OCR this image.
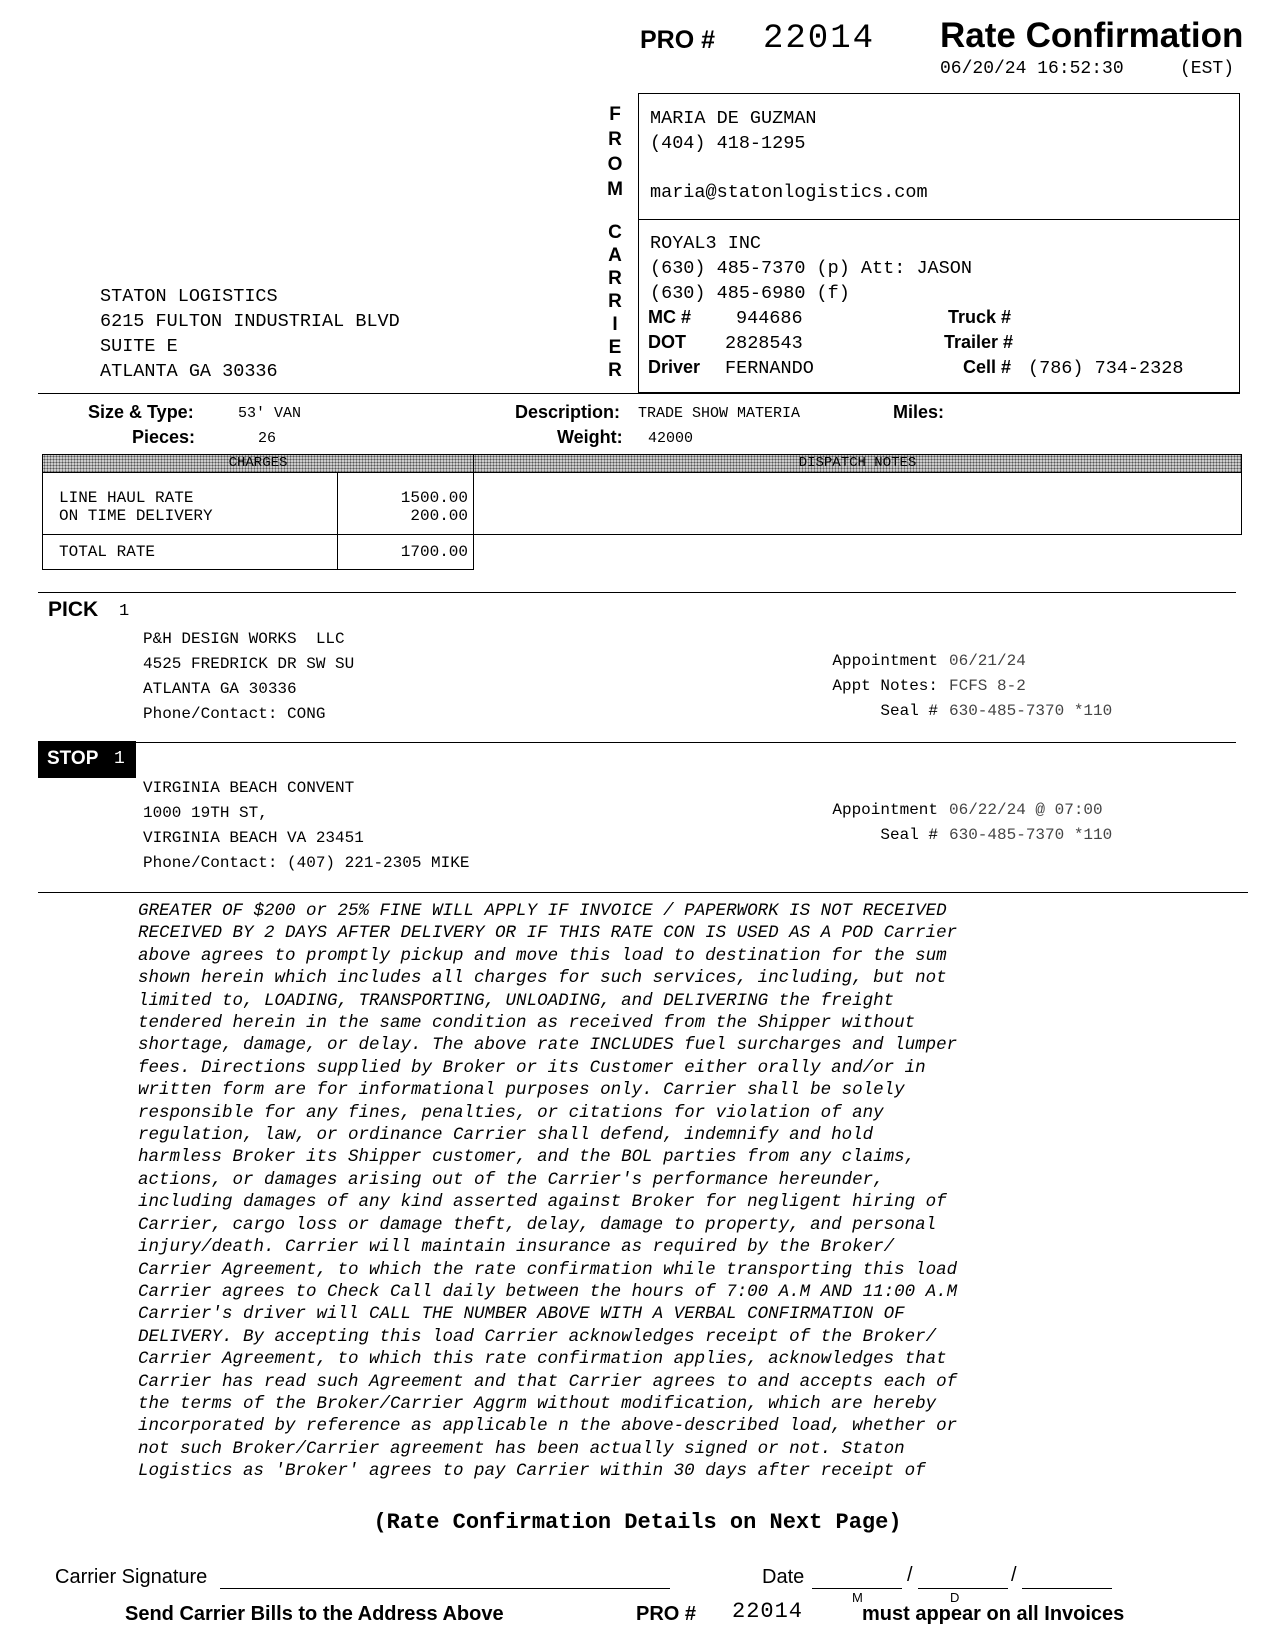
PRO # 22014 Rate Confirmation
06/20/24 16:52:30	(EST)
STATON LOGISTICS
6215 FULTON INDUSTRIAL BLVD
SUITE E
ATLANTA GA 30336
F
R
O
M
C
A
R
R
I
E
R
MARIA DE GUZMAN
(404) 418-1295
maria@statonlogistics.com
ROYAL3 INC
(630) 485-7370 (p) Att: JASON
(630) 485-6980 (f)
MC # 944686	Truck #
DOT 2828543	Trailer #
Driver FERNANDO	Cell # (786) 734-2328
Size & Type:	53' VAN
Pieces:	26
Description: TRADE SHOW MATERIA
Weight: 42000
Miles:
CHARGES
LINE HAUL RATE	1500.00
ON TIME DELIVERY	200.00
TOTAL RATE	1700.00
DISPATCH NOTES
PICK 1
P&H DESIGN WORKS  LLC
4525 FREDRICK DR SW SU
ATLANTA GA 30336
Phone/Contact: CONG
Appointment 06/21/24
Appt Notes: FCFS 8-2
Seal # 630-485-7370 *110
STOP 1
VIRGINIA BEACH CONVENT
1000 19TH ST,
VIRGINIA BEACH VA 23451
Phone/Contact: (407) 221-2305 MIKE
Appointment 06/22/24 @ 07:00
Seal # 630-485-7370 *110
GREATER OF $200 or 25% FINE WILL APPLY IF INVOICE / PAPERWORK IS NOT RECEIVED
RECEIVED BY 2 DAYS AFTER DELIVERY OR IF THIS RATE CON IS USED AS A POD Carrier
above agrees to promptly pickup and move this load to destination for the sum
shown herein which includes all charges for such services, including, but not
limited to, LOADING, TRANSPORTING, UNLOADING, and DELIVERING the freight
tendered herein in the same condition as received from the Shipper without
shortage, damage, or delay. The above rate INCLUDES fuel surcharges and lumper
fees. Directions supplied by Broker or its Customer either orally and/or in
written form are for informational purposes only. Carrier shall be solely
responsible for any fines, penalties, or citations for violation of any
regulation, law, or ordinance Carrier shall defend, indemnify and hold
harmless Broker its Shipper customer, and the BOL parties from any claims,
actions, or damages arising out of the Carrier's performance hereunder,
including damages of any kind asserted against Broker for negligent hiring of
Carrier, cargo loss or damage theft, delay, damage to property, and personal
injury/death. Carrier will maintain insurance as required by the Broker/
Carrier Agreement, to which the rate confirmation while transporting this load
Carrier agrees to Check Call daily between the hours of 7:00 A.M AND 11:00 A.M
Carrier's driver will CALL THE NUMBER ABOVE WITH A VERBAL CONFIRMATION OF
DELIVERY. By accepting this load Carrier acknowledges receipt of the Broker/
Carrier Agreement, to which this rate confirmation applies, acknowledges that
Carrier has read such Agreement and that Carrier agrees to and accepts each of
the terms of the Broker/Carrier Aggrm without modification, which are hereby
incorporated by reference as applicable n the above-described load, whether or
not such Broker/Carrier agreement has been actually signed or not. Staton
Logistics as 'Broker' agrees to pay Carrier within 30 days after receipt of
(Rate Confirmation Details on Next Page)
Carrier Signature	Date	/	/
M	D
Send Carrier Bills to the Address Above	PRO # 22014	must appear on all Invoices
